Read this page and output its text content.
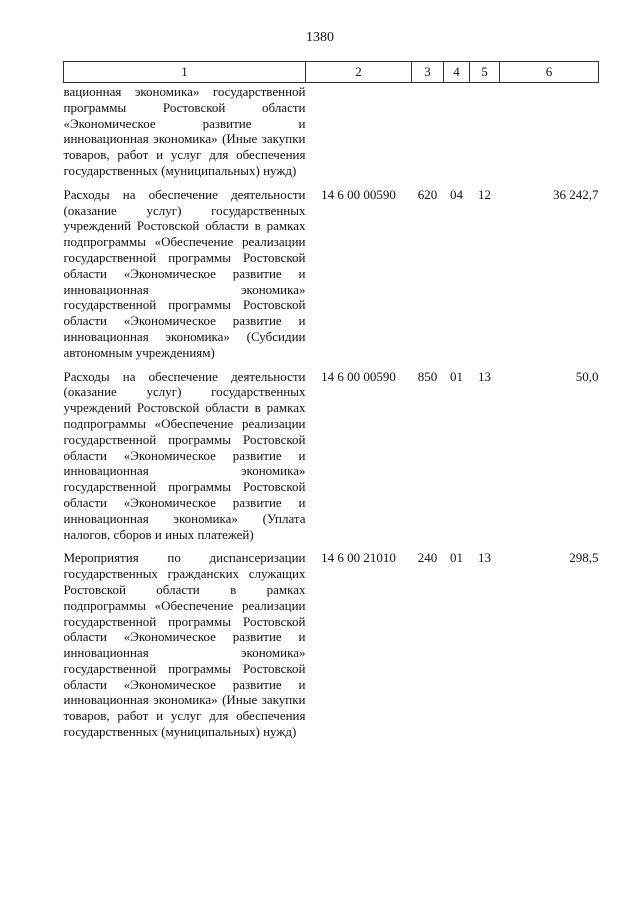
1380
1	2	3	4	5	6
вационная экономика» государственной программы Ростовской области «Экономическое развитие и инновационная экономика» (Иные закупки товаров, работ и услуг для обеспечения государственных (муниципальных) нужд)					
Расходы на обеспечение деятельности (оказание услуг) государственных учреждений Ростовской области в рамках подпрограммы «Обеспечение реализации государственной программы Ростовской области «Экономическое развитие и инновационная экономика» государственной программы Ростовской области «Экономическое развитие и инновационная экономика» (Субсидии автономным учреждениям)	14 6 00 00590	620	04	12	36 242,7
Расходы на обеспечение деятельности (оказание услуг) государственных учреждений Ростовской области в рамках подпрограммы «Обеспечение реализации государственной программы Ростовской области «Экономическое развитие и инновационная экономика» государственной программы Ростовской области «Экономическое развитие и инновационная экономика» (Уплата налогов, сборов и иных платежей)	14 6 00 00590	850	01	13	50,0
Мероприятия по диспансеризации государственных гражданских служащих Ростовской области в рамках подпрограммы «Обеспечение реализации государственной программы Ростовской области «Экономическое развитие и инновационная экономика» государственной программы Ростовской области «Экономическое развитие и инновационная экономика» (Иные закупки товаров, работ и услуг для обеспечения государственных (муниципальных) нужд)	14 6 00 21010	240	01	13	298,5
